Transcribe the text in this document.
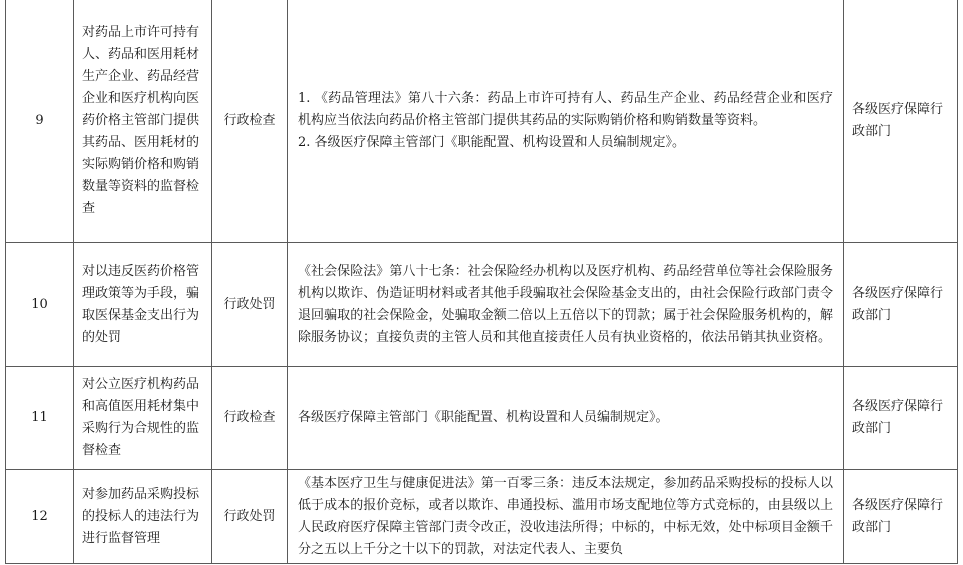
9	对药品上市许可持有人、药品和医用耗材生产企业、药品经营企业和医疗机构向医药价格主管部门提供其药品、医用耗材的实际购销价格和购销数量等资料的监督检查	行政检查	1. 《药品管理法》第八十六条：药品上市许可持有人、药品生产企业、药品经营企业和医疗机构应当依法向药品价格主管部门提供其药品的实际购销价格和购销数量等资料。
2. 各级医疗保障主管部门《职能配置、机构设置和人员编制规定》。	各级医疗保障行政部门

10	对以违反医药价格管理政策等为手段，骗取医保基金支出行为的处罚	行政处罚	《社会保险法》第八十七条：社会保险经办机构以及医疗机构、药品经营单位等社会保险服务机构以欺诈、伪造证明材料或者其他手段骗取社会保险基金支出的，由社会保险行政部门责令退回骗取的社会保险金，处骗取金额二倍以上五倍以下的罚款；属于社会保险服务机构的，解除服务协议；直接负责的主管人员和其他直接责任人员有执业资格的，依法吊销其执业资格。	各级医疗保障行政部门

11	对公立医疗机构药品和高值医用耗材集中采购行为合规性的监督检查	行政检查	各级医疗保障主管部门《职能配置、机构设置和人员编制规定》。	各级医疗保障行政部门

12	对参加药品采购投标的投标人的违法行为进行监督管理	行政处罚	《基本医疗卫生与健康促进法》第一百零三条：违反本法规定，参加药品采购投标的投标人以低于成本的报价竞标，或者以欺诈、串通投标、滥用市场支配地位等方式竞标的，由县级以上人民政府医疗保障主管部门责令改正，没收违法所得；中标的，中标无效，处中标项目金额千分之五以上千分之十以下的罚款，对法定代表人、主要负	各级医疗保障行政部门
